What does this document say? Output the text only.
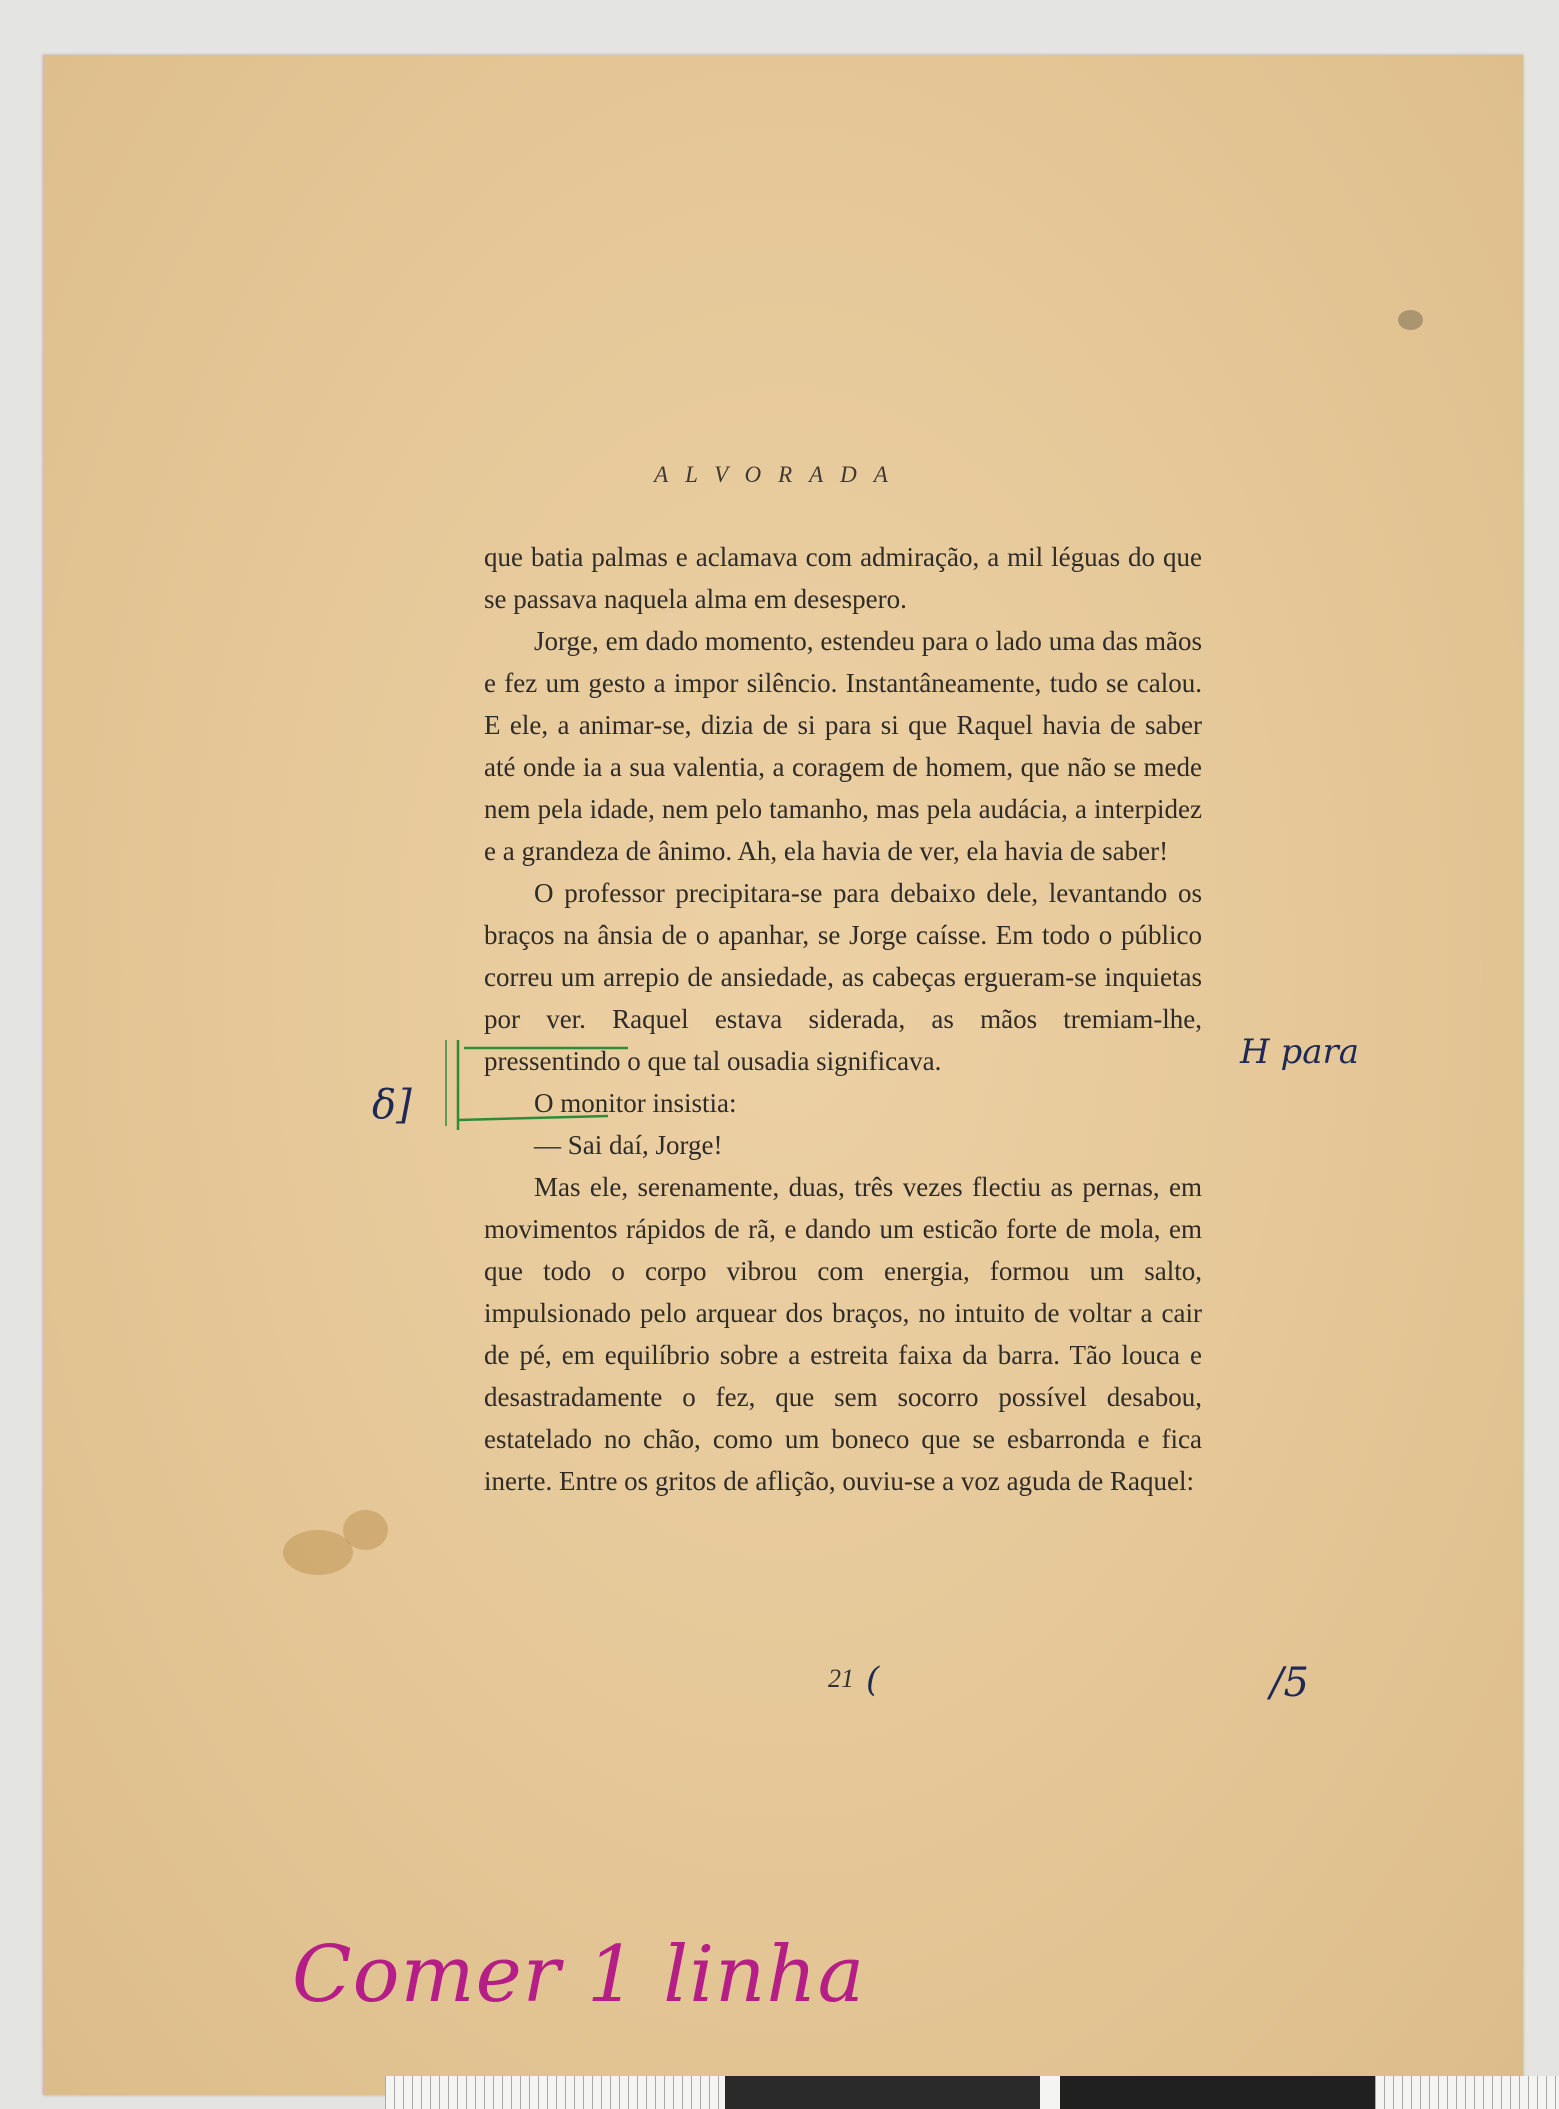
ALVORADA

que batia palmas e aclamava com admiração, a mil léguas do que se passava naquela alma em desespero.

Jorge, em dado momento, estendeu para o lado uma das mãos e fez um gesto a impor silêncio. Instantâneamente, tudo se calou. E ele, a animar-se, dizia de si para si que Raquel havia de saber até onde ia a sua valentia, a coragem de homem, que não se mede nem pela idade, nem pelo tamanho, mas pela audácia, a interpidez e a grandeza de ânimo. Ah, ela havia de ver, ela havia de saber!

O professor precipitara-se para debaixo dele, levantando os braços na ânsia de o apanhar, se Jorge caísse. Em todo o público correu um arrepio de ansiedade, as cabeças ergueram-se inquietas por ver. Raquel estava siderada, as mãos tremiam-lhe, pressentindo o que tal ousadia significava.

O monitor insistia:

— Sai daí, Jorge!

Mas ele, serenamente, duas, três vezes flectiu as pernas, em movimentos rápidos de rã, e dando um esticão forte de mola, em que todo o corpo vibrou com energia, formou um salto, impulsionado pelo arquear dos braços, no intuito de voltar a cair de pé, em equilíbrio sobre a estreita faixa da barra. Tão louca e desastradamente o fez, que sem socorro possível desabou, estatelado no chão, como um boneco que se esbarronda e fica inerte. Entre os gritos de aflição, ouviu-se a voz aguda de Raquel:

21 (
H para
δ]
/5
Comer 1 linha
